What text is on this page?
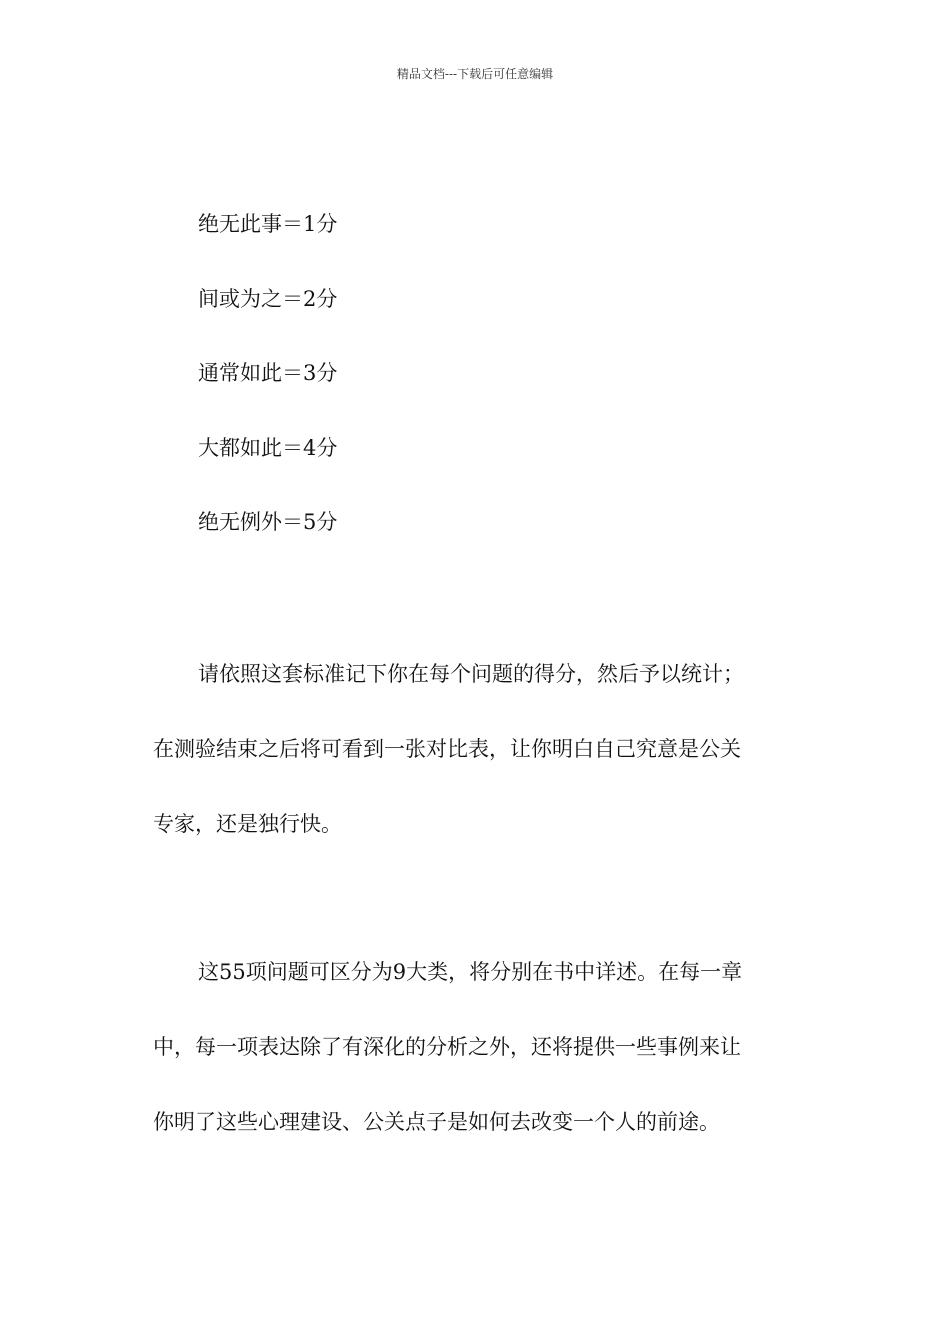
精品文档---下载后可任意编辑
绝无此事＝1分
间或为之＝2分
通常如此＝3分
大都如此＝4分
绝无例外＝5分
请依照这套标准记下你在每个问题的得分，然后予以统计；
在测验结束之后将可看到一张对比表，让你明白自己究意是公关
专家，还是独行快。
这55项问题可区分为9大类，将分别在书中详述。在每一章
中，每一项表达除了有深化的分析之外，还将提供一些事例来让
你明了这些心理建设、公关点子是如何去改变一个人的前途。
